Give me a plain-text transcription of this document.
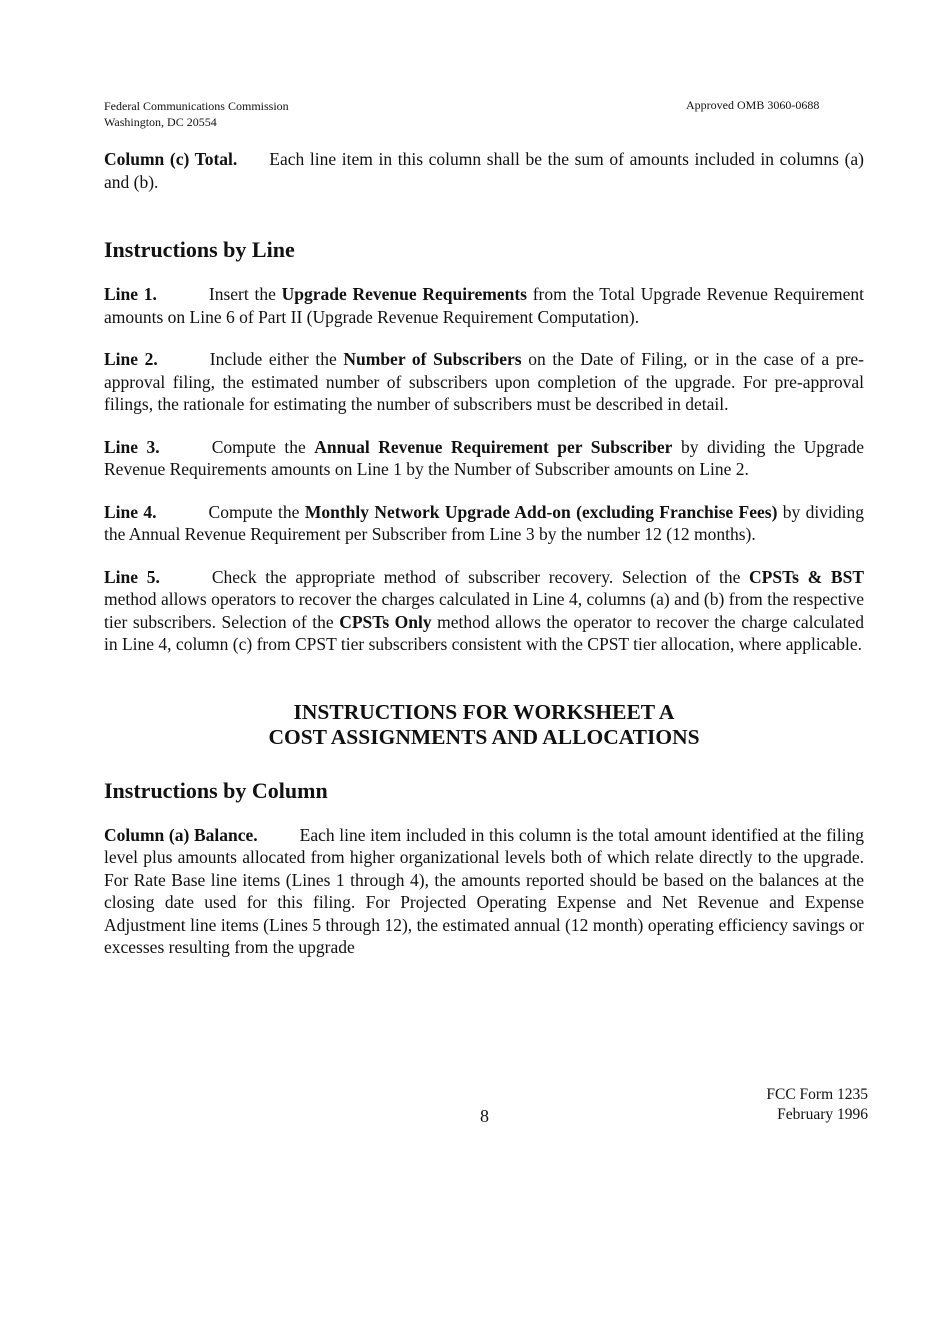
Federal Communications Commission
Washington, DC 20554
Approved OMB 3060-0688

Column (c) Total. Each line item in this column shall be the sum of amounts included in columns (a) and (b).

Instructions by Line

Line 1.	Insert the Upgrade Revenue Requirements from the Total Upgrade Revenue Requirement amounts on Line 6 of Part II (Upgrade Revenue Requirement Computation).

Line 2.	Include either the Number of Subscribers on the Date of Filing, or in the case of a pre-approval filing, the estimated number of subscribers upon completion of the upgrade. For pre-approval filings, the rationale for estimating the number of subscribers must be described in detail.

Line 3.	Compute the Annual Revenue Requirement per Subscriber by dividing the Upgrade Revenue Requirements amounts on Line 1 by the Number of Subscriber amounts on Line 2.

Line 4.	Compute the Monthly Network Upgrade Add-on (excluding Franchise Fees) by dividing the Annual Revenue Requirement per Subscriber from Line 3 by the number 12 (12 months).

Line 5.	Check the appropriate method of subscriber recovery. Selection of the CPSTs & BST method allows operators to recover the charges calculated in Line 4, columns (a) and (b) from the respective tier subscribers. Selection of the CPSTs Only method allows the operator to recover the charge calculated in Line 4, column (c) from CPST tier subscribers consistent with the CPST tier allocation, where applicable.

INSTRUCTIONS FOR WORKSHEET A

COST ASSIGNMENTS AND ALLOCATIONS

Instructions by Column

Column (a) Balance. Each line item included in this column is the total amount identified at the filing level plus amounts allocated from higher organizational levels both of which relate directly to the upgrade. For Rate Base line items (Lines 1 through 4), the amounts reported should be based on the balances at the closing date used for this filing. For Projected Operating Expense and Net Revenue and Expense Adjustment line items (Lines 5 through 12), the estimated annual (12 month) operating efficiency savings or excesses resulting from the upgrade

8
FCC Form 1235
February 1996
